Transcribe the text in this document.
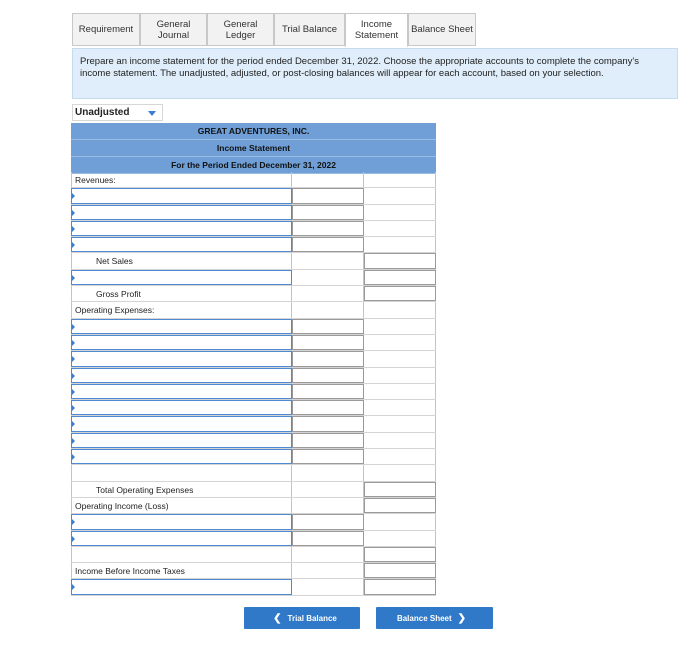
Requirement General
Journal
General
Ledger	Trial Balance	Income
Statement
Balance Sheet
Prepare an income statement for the period ended December 31, 2022. Choose the appropriate accounts to complete the company's income statement. The unadjusted, adjusted, or post-closing balances will appear for each account, based on your selection.
Unadjusted
GREAT ADVENTURES, INC.
Income Statement
For the Period Ended December 31, 2022
Revenues:
Net Sales
Gross Profit
Operating Expenses:
Total Operating Expenses
Operating Income (Loss)
Income Before Income Taxes
❮ Trial Balance	Balance Sheet ❯
